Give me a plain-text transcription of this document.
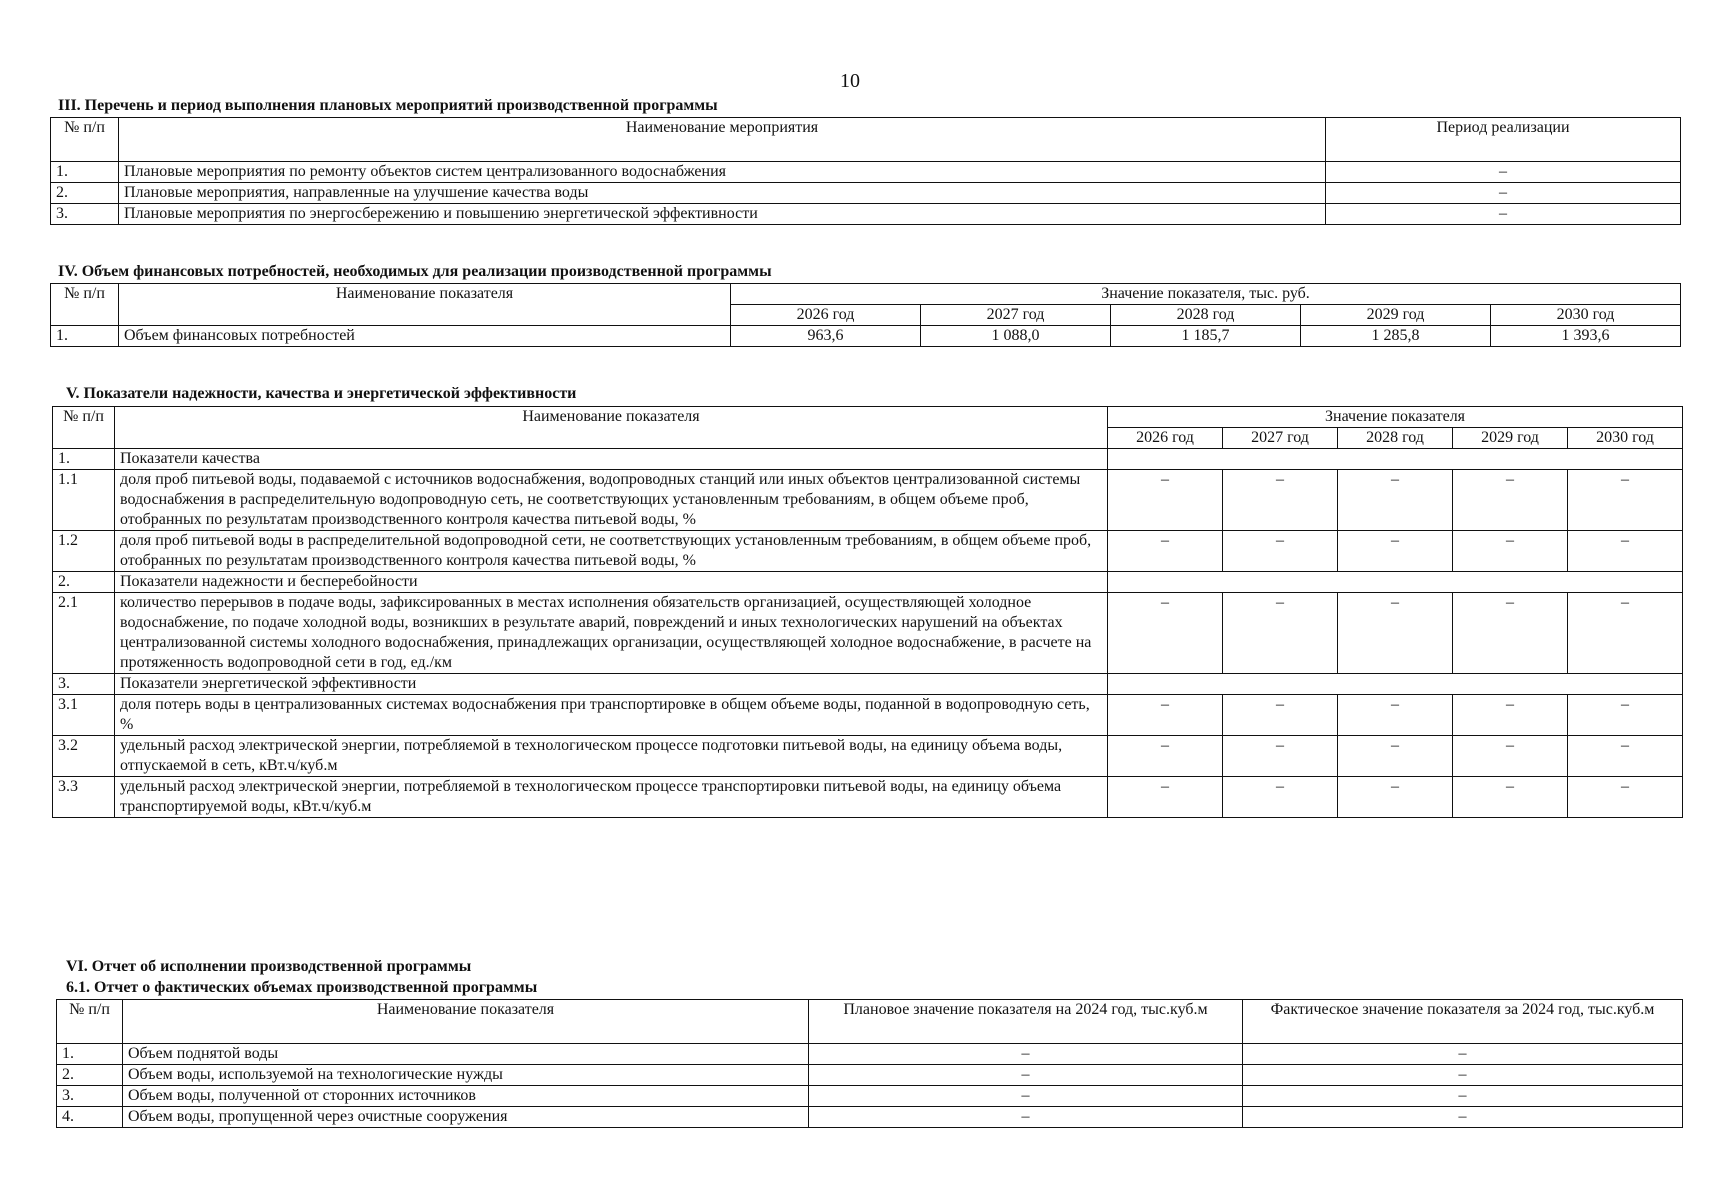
10
III. Перечень и период выполнения плановых мероприятий производственной программы
№ п/п	Наименование мероприятия	Период реализации
1.	Плановые мероприятия по ремонту объектов систем централизованного водоснабжения	–
2.	Плановые мероприятия, направленные на улучшение качества воды	–
3.	Плановые мероприятия по энергосбережению и повышению энергетической эффективности	–
IV. Объем финансовых потребностей, необходимых для реализации производственной программы
№ п/п	Наименование показателя	Значение показателя, тыс. руб.				
		2026 год	2027 год	2028 год	2029 год	2030 год
1.	Объем финансовых потребностей	963,6	1 088,0	1 185,7	1 285,8	1 393,6
V. Показатели надежности, качества и энергетической эффективности
№ п/п	Наименование показателя	Значение показателя				
		2026 год	2027 год	2028 год	2029 год	2030 год
1.	Показатели качества					
1.1	доля проб питьевой воды, подаваемой с источников водоснабжения, водопроводных станций или иных объектов централизованной системы водоснабжения в распределительную водопроводную сеть, не соответствующих установленным требованиям, в общем объеме проб, отобранных по результатам производственного контроля качества питьевой воды, %	–	–	–	–	–
1.2	доля проб питьевой воды в распределительной водопроводной сети, не соответствующих установленным требованиям, в общем объеме проб, отобранных по результатам производственного контроля качества питьевой воды, %	–	–	–	–	–
2.	Показатели надежности и бесперебойности					
2.1	количество перерывов в подаче воды, зафиксированных в местах исполнения обязательств организацией, осуществляющей холодное водоснабжение, по подаче холодной воды, возникших в результате аварий, повреждений и иных технологических нарушений на объектах централизованной системы холодного водоснабжения, принадлежащих организации, осуществляющей холодное водоснабжение, в расчете на протяженность водопроводной сети в год, ед./км	–	–	–	–	–
3.	Показатели энергетической эффективности					
3.1	доля потерь воды в централизованных системах водоснабжения при транспортировке в общем объеме воды, поданной в водопроводную сеть, %	–	–	–	–	–
3.2	удельный расход электрической энергии, потребляемой в технологическом процессе подготовки питьевой воды, на единицу объема воды, отпускаемой в сеть, кВт.ч/куб.м	–	–	–	–	–
3.3	удельный расход электрической энергии, потребляемой в технологическом процессе транспортировки питьевой воды, на единицу объема транспортируемой воды, кВт.ч/куб.м	–	–	–	–	–
VI. Отчет об исполнении производственной программы
6.1. Отчет о фактических объемах производственной программы
№ п/п	Наименование показателя	Плановое значение показателя на 2024 год, тыс.куб.м	Фактическое значение показателя за 2024 год, тыс.куб.м
1.	Объем поднятой воды	–	–
2.	Объем воды, используемой на технологические нужды	–	–
3.	Объем воды, полученной от сторонних источников	–	–
4.	Объем воды, пропущенной через очистные сооружения	–	–
